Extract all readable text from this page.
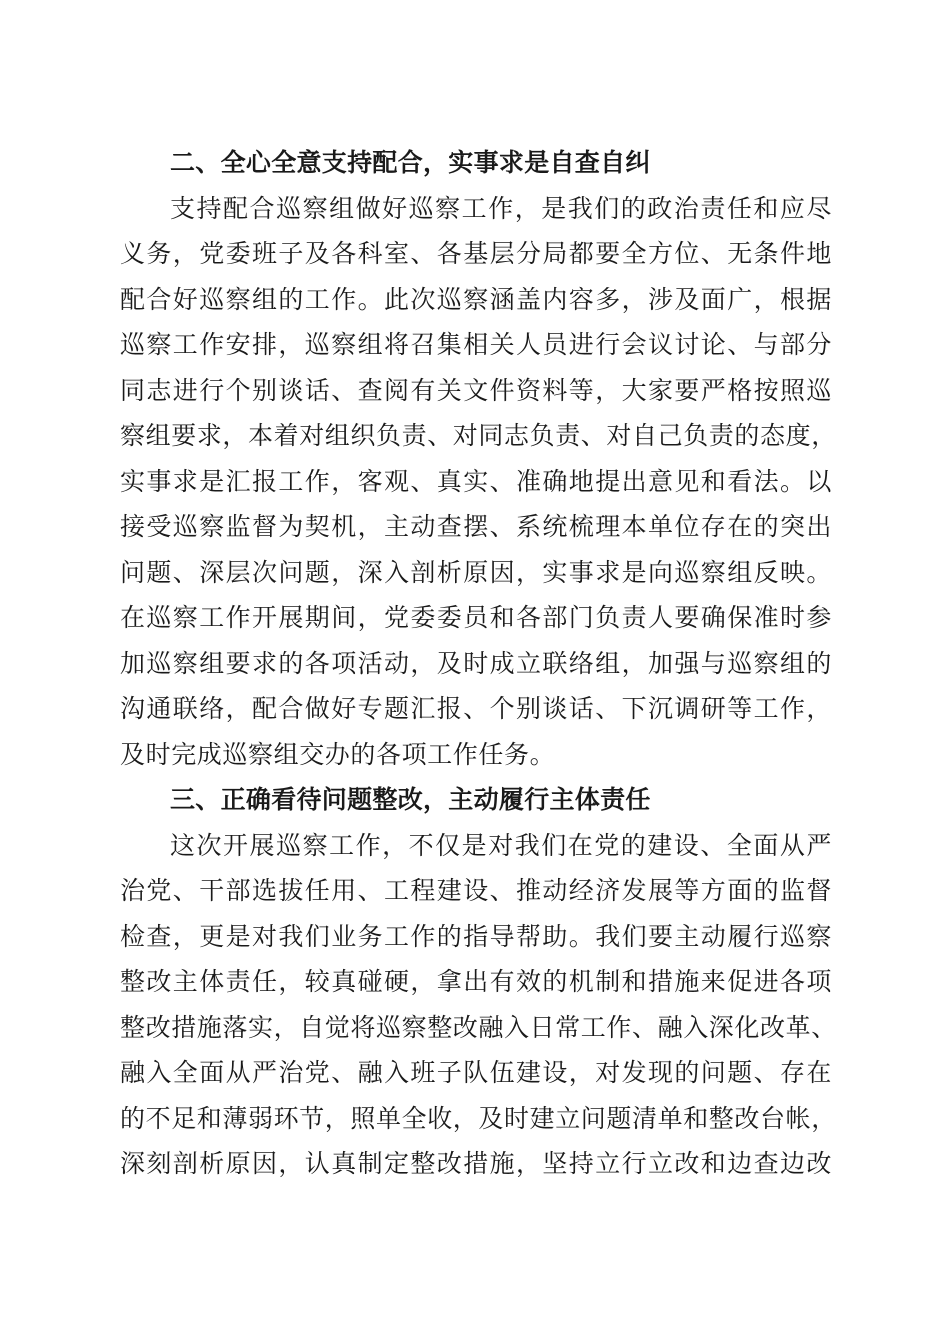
二、全心全意支持配合，实事求是自查自纠
支持配合巡察组做好巡察工作，是我们的政治责任和应尽
义务，党委班子及各科室、各基层分局都要全方位、无条件地
配合好巡察组的工作。此次巡察涵盖内容多，涉及面广，根据
巡察工作安排，巡察组将召集相关人员进行会议讨论、与部分
同志进行个别谈话、查阅有关文件资料等，大家要严格按照巡
察组要求，本着对组织负责、对同志负责、对自己负责的态度，
实事求是汇报工作，客观、真实、准确地提出意见和看法。以
接受巡察监督为契机，主动查摆、系统梳理本单位存在的突出
问题、深层次问题，深入剖析原因，实事求是向巡察组反映。
在巡察工作开展期间，党委委员和各部门负责人要确保准时参
加巡察组要求的各项活动，及时成立联络组，加强与巡察组的
沟通联络，配合做好专题汇报、个别谈话、下沉调研等工作，
及时完成巡察组交办的各项工作任务。
三、正确看待问题整改，主动履行主体责任
这次开展巡察工作，不仅是对我们在党的建设、全面从严
治党、干部选拔任用、工程建设、推动经济发展等方面的监督
检查，更是对我们业务工作的指导帮助。我们要主动履行巡察
整改主体责任，较真碰硬，拿出有效的机制和措施来促进各项
整改措施落实，自觉将巡察整改融入日常工作、融入深化改革、
融入全面从严治党、融入班子队伍建设，对发现的问题、存在
的不足和薄弱环节，照单全收，及时建立问题清单和整改台帐，
深刻剖析原因，认真制定整改措施，坚持立行立改和边查边改
